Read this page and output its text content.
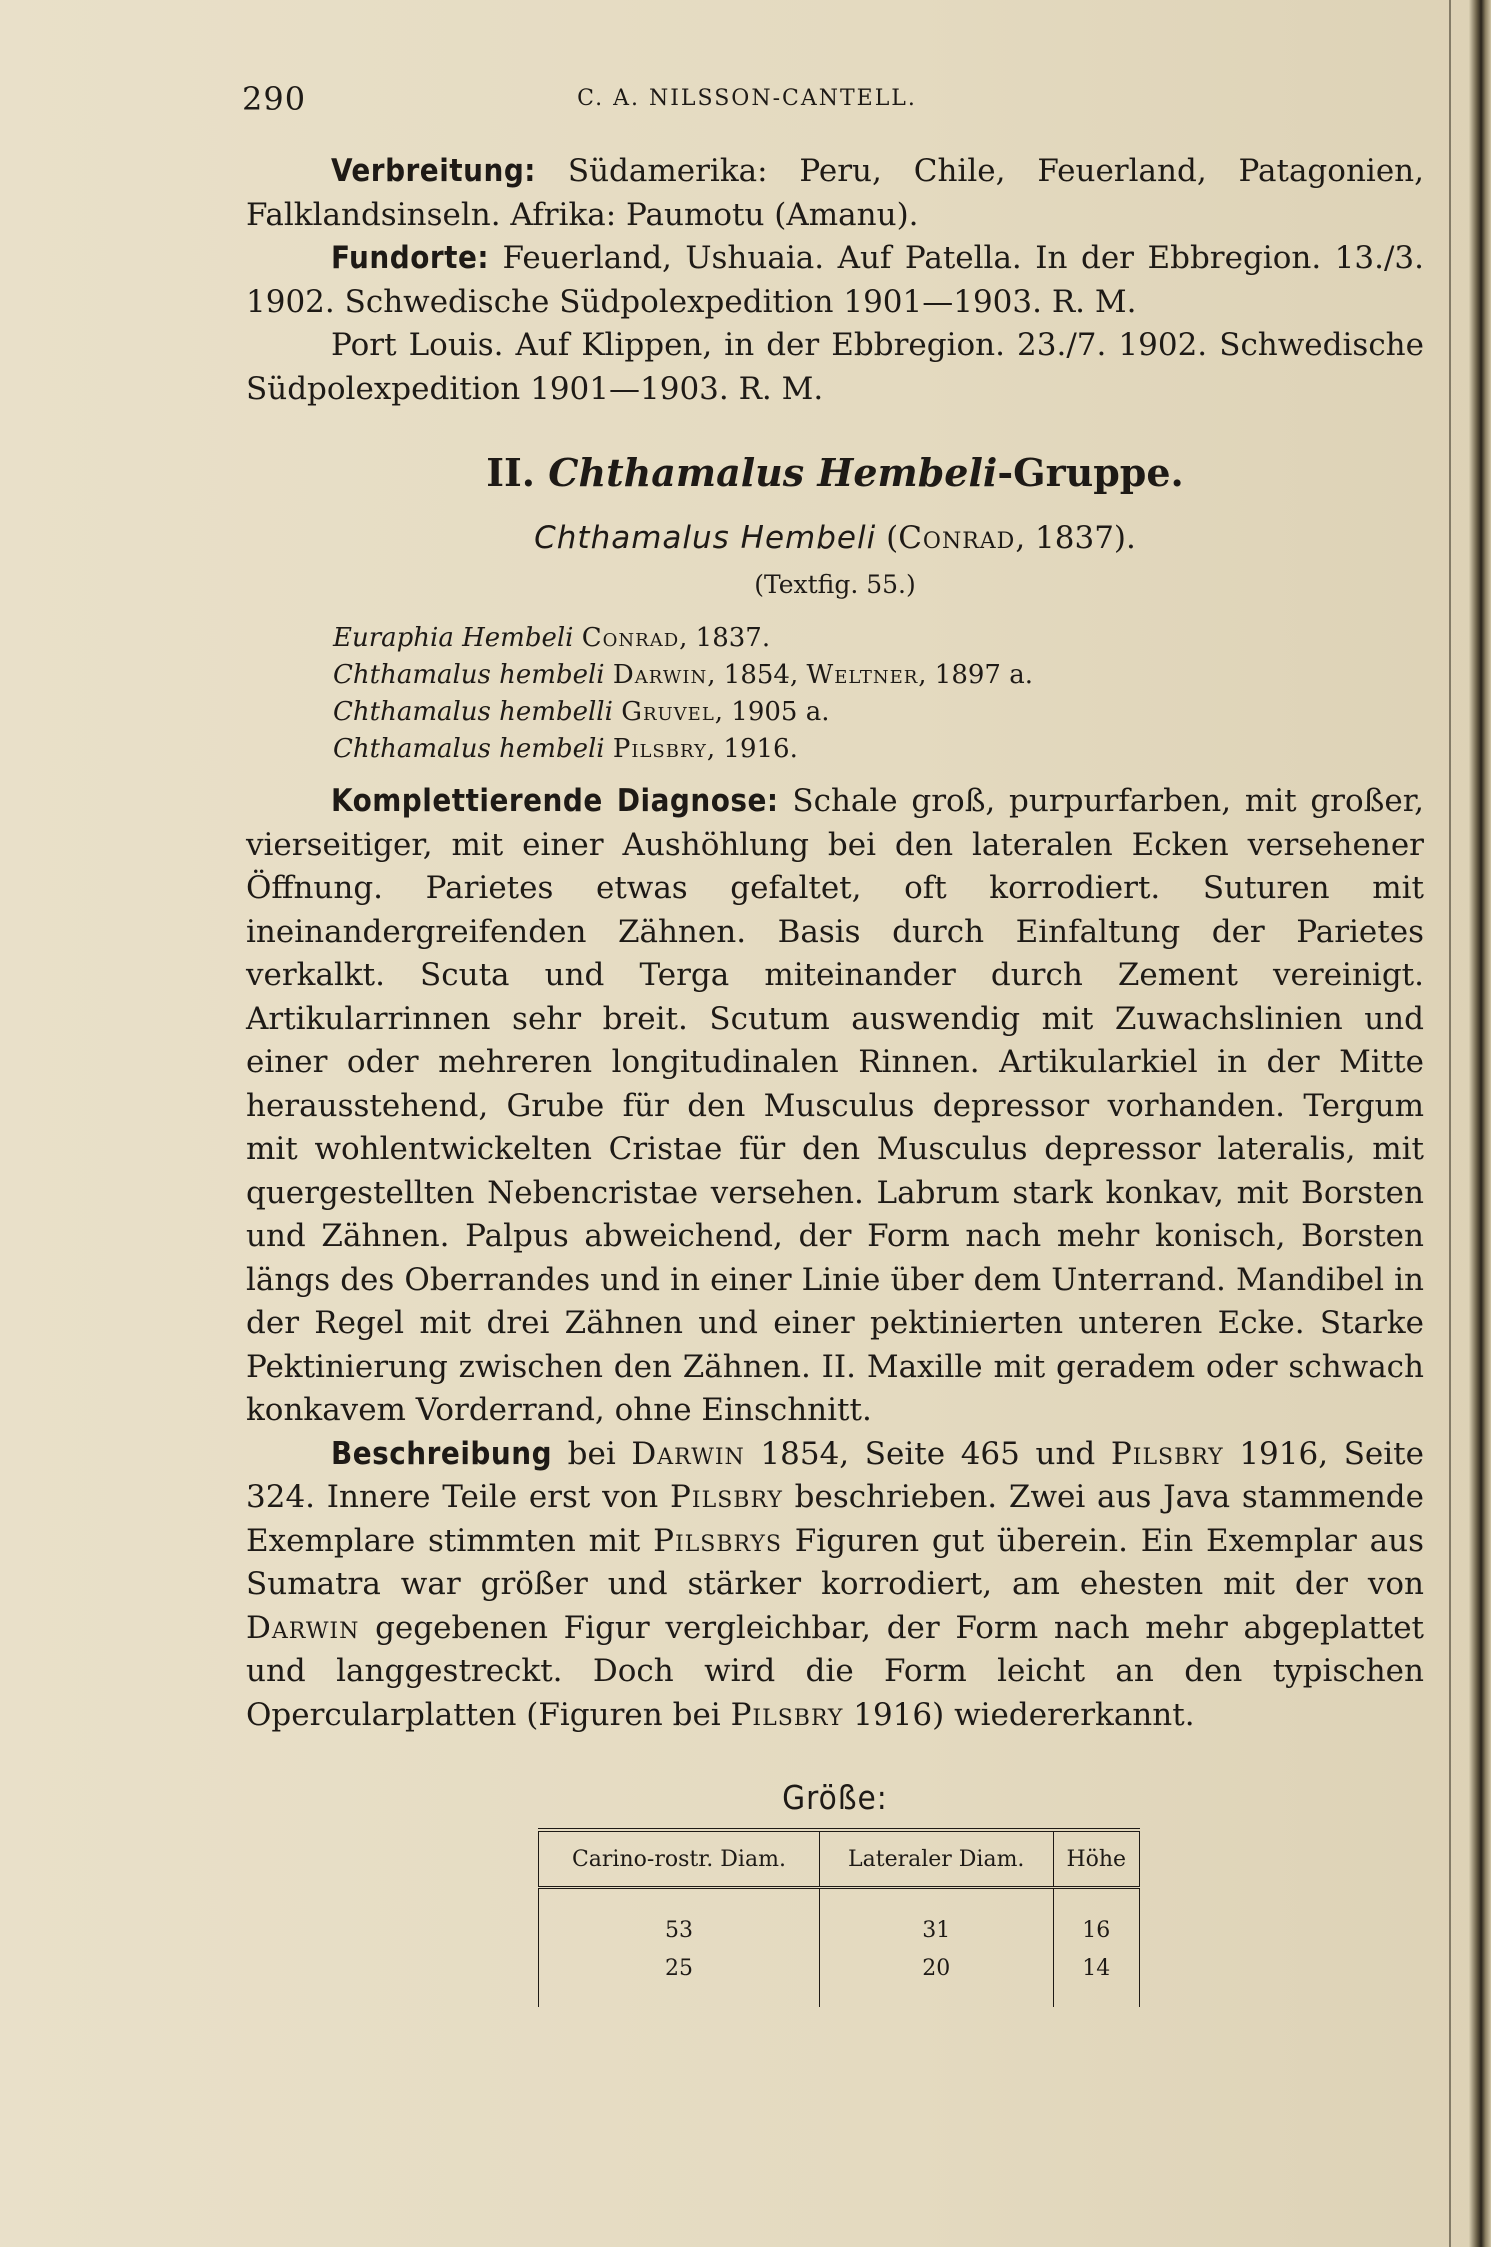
290	C. A. NILSSON-CANTELL.

Verbreitung: Südamerika: Peru, Chile, Feuerland, Patagonien, Falklandsinseln. Afrika: Paumotu (Amanu).

Fundorte: Feuerland, Ushuaia. Auf Patella. In der Ebbregion. 13./3. 1902. Schwedische Südpolexpedition 1901—1903. R. M.

Port Louis. Auf Klippen, in der Ebbregion. 23./7. 1902. Schwedische Südpolexpedition 1901—1903. R. M.

II. Chthamalus Hembeli-Gruppe.
Chthamalus Hembeli (Conrad, 1837).
(Textfig. 55.)
Euraphia Hembeli Conrad, 1837.
Chthamalus hembeli Darwin, 1854, Weltner, 1897 a.
Chthamalus hembelli Gruvel, 1905 a.
Chthamalus hembeli Pilsbry, 1916.

Komplettierende Diagnose: Schale groß, purpurfarben, mit großer, vierseitiger, mit einer Aushöhlung bei den lateralen Ecken versehener Öffnung. Parietes etwas gefaltet, oft korrodiert. Suturen mit ineinandergreifenden Zähnen. Basis durch Einfaltung der Parietes verkalkt. Scuta und Terga miteinander durch Zement vereinigt. Artikularrinnen sehr breit. Scutum auswendig mit Zuwachslinien und einer oder mehreren longitudinalen Rinnen. Artikularkiel in der Mitte herausstehend, Grube für den Musculus depressor vorhanden. Tergum mit wohlentwickelten Cristae für den Musculus depressor lateralis, mit quergestellten Nebencristae versehen. Labrum stark konkav, mit Borsten und Zähnen. Palpus abweichend, der Form nach mehr konisch, Borsten längs des Oberrandes und in einer Linie über dem Unterrand. Mandibel in der Regel mit drei Zähnen und einer pektinierten unteren Ecke. Starke Pektinierung zwischen den Zähnen. II. Maxille mit geradem oder schwach konkavem Vorderrand, ohne Einschnitt.

Beschreibung bei Darwin 1854, Seite 465 und Pilsbry 1916, Seite 324. Innere Teile erst von Pilsbry beschrieben. Zwei aus Java stammende Exemplare stimmten mit Pilsbrys Figuren gut überein. Ein Exemplar aus Sumatra war größer und stärker korrodiert, am ehesten mit der von Darwin gegebenen Figur vergleichbar, der Form nach mehr abgeplattet und langgestreckt. Doch wird die Form leicht an den typischen Opercularplatten (Figuren bei Pilsbry 1916) wiedererkannt.

Größe:
Carino-rostr. Diam.	Lateraler Diam.	Höhe
53	31	16
25	20	14
